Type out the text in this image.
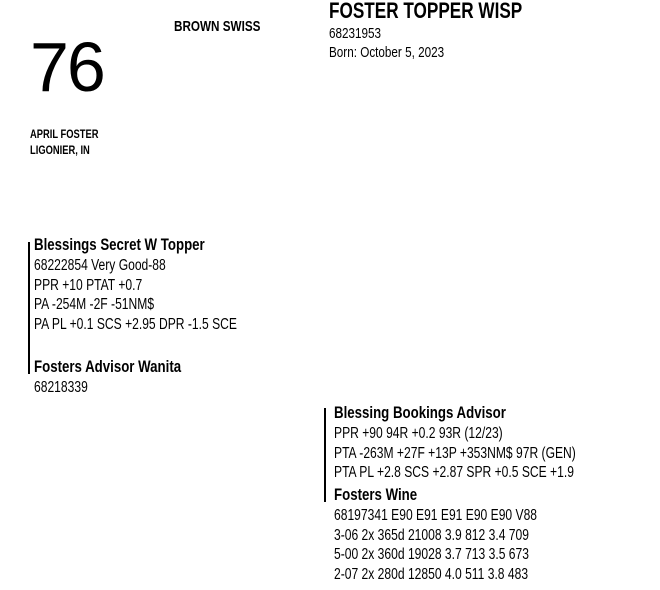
76
BROWN SWISS
APRIL FOSTER
LIGONIER, IN
FOSTER TOPPER WISP
68231953
Born: October 5, 2023
Blessings Secret W Topper
68222854 Very Good-88
PPR +10 PTAT +0.7
PA -254M -2F -51NM$
PA PL +0.1 SCS +2.95 DPR -1.5 SCE
Fosters Advisor Wanita
68218339
Blessing Bookings Advisor
PPR +90 94R +0.2 93R (12/23)
PTA -263M +27F +13P +353NM$ 97R (GEN)
PTA PL +2.8 SCS +2.87 SPR +0.5 SCE +1.9
Fosters Wine
68197341 E90 E91 E91 E90 E90 V88
3-06 2x 365d 21008 3.9 812 3.4 709
5-00 2x 360d 19028 3.7 713 3.5 673
2-07 2x 280d 12850 4.0 511 3.8 483
